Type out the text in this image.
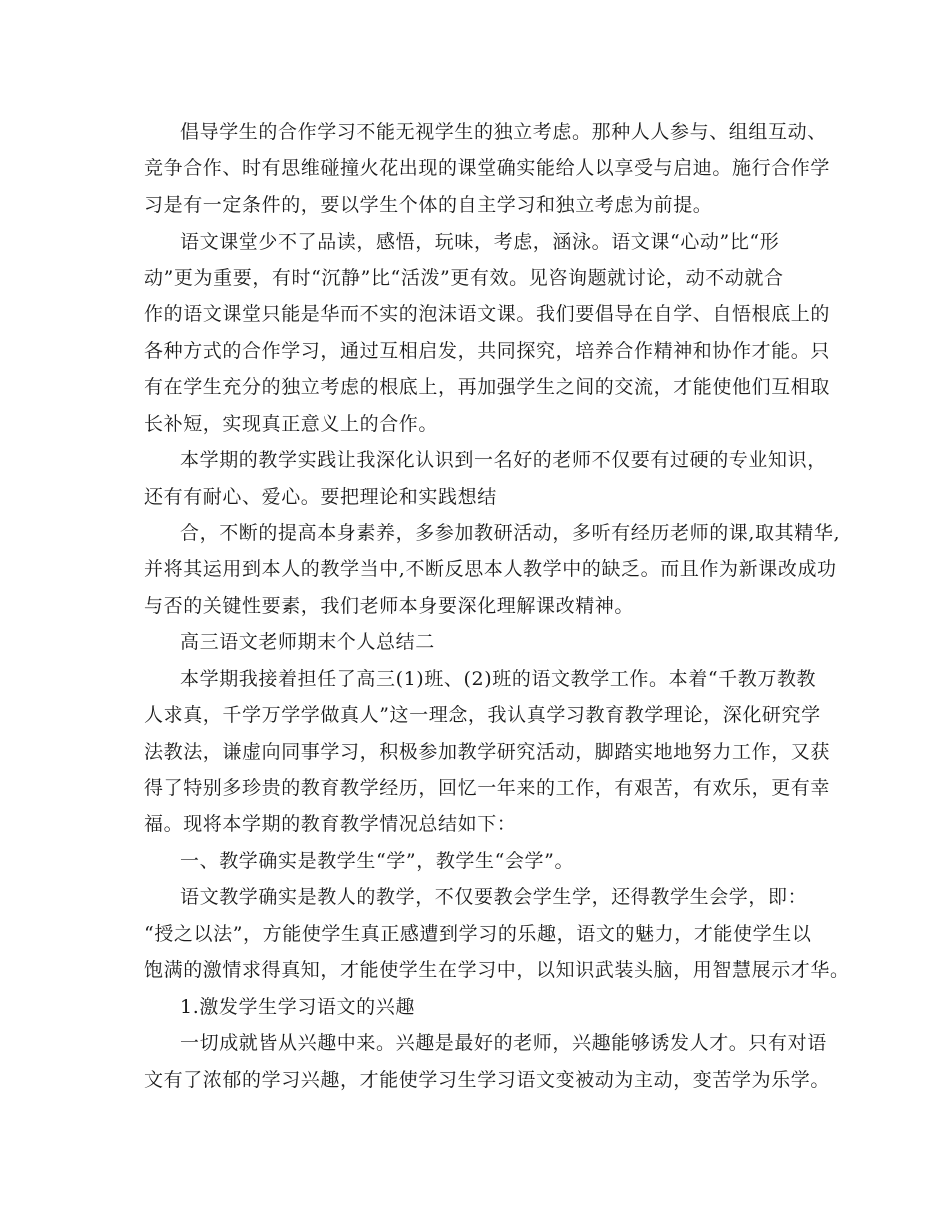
倡导学生的合作学习不能无视学生的独立考虑。那种人人参与、组组互动、
竞争合作、时有思维碰撞火花出现的课堂确实能给人以享受与启迪。施行合作学
习是有一定条件的，要以学生个体的自主学习和独立考虑为前提。
语文课堂少不了品读，感悟，玩味，考虑，涵泳。语文课“心动”比“形
动”更为重要，有时“沉静”比“活泼”更有效。见咨询题就讨论，动不动就合
作的语文课堂只能是华而不实的泡沫语文课。我们要倡导在自学、自悟根底上的
各种方式的合作学习，通过互相启发，共同探究，培养合作精神和协作才能。只
有在学生充分的独立考虑的根底上，再加强学生之间的交流，才能使他们互相取
长补短，实现真正意义上的合作。
本学期的教学实践让我深化认识到一名好的老师不仅要有过硬的专业知识，
还有有耐心、爱心。要把理论和实践想结
合，不断的提高本身素养，多参加教研活动，多听有经历老师的课,取其精华,
并将其运用到本人的教学当中,不断反思本人教学中的缺乏。而且作为新课改成功
与否的关键性要素，我们老师本身要深化理解课改精神。
高三语文老师期末个人总结二
本学期我接着担任了高三(1)班、(2)班的语文教学工作。本着“千教万教教
人求真，千学万学学做真人”这一理念，我认真学习教育教学理论，深化研究学
法教法，谦虚向同事学习，积极参加教学研究活动，脚踏实地地努力工作，又获
得了特别多珍贵的教育教学经历，回忆一年来的工作，有艰苦，有欢乐，更有幸
福。现将本学期的教育教学情况总结如下：
一、教学确实是教学生“学”，教学生“会学”。
语文教学确实是教人的教学，不仅要教会学生学，还得教学生会学，即：
“授之以法”，方能使学生真正感遭到学习的乐趣，语文的魅力，才能使学生以
饱满的激情求得真知，才能使学生在学习中，以知识武装头脑，用智慧展示才华。
1.激发学生学习语文的兴趣
一切成就皆从兴趣中来。兴趣是最好的老师，兴趣能够诱发人才。只有对语
文有了浓郁的学习兴趣，才能使学习生学习语文变被动为主动，变苦学为乐学。
